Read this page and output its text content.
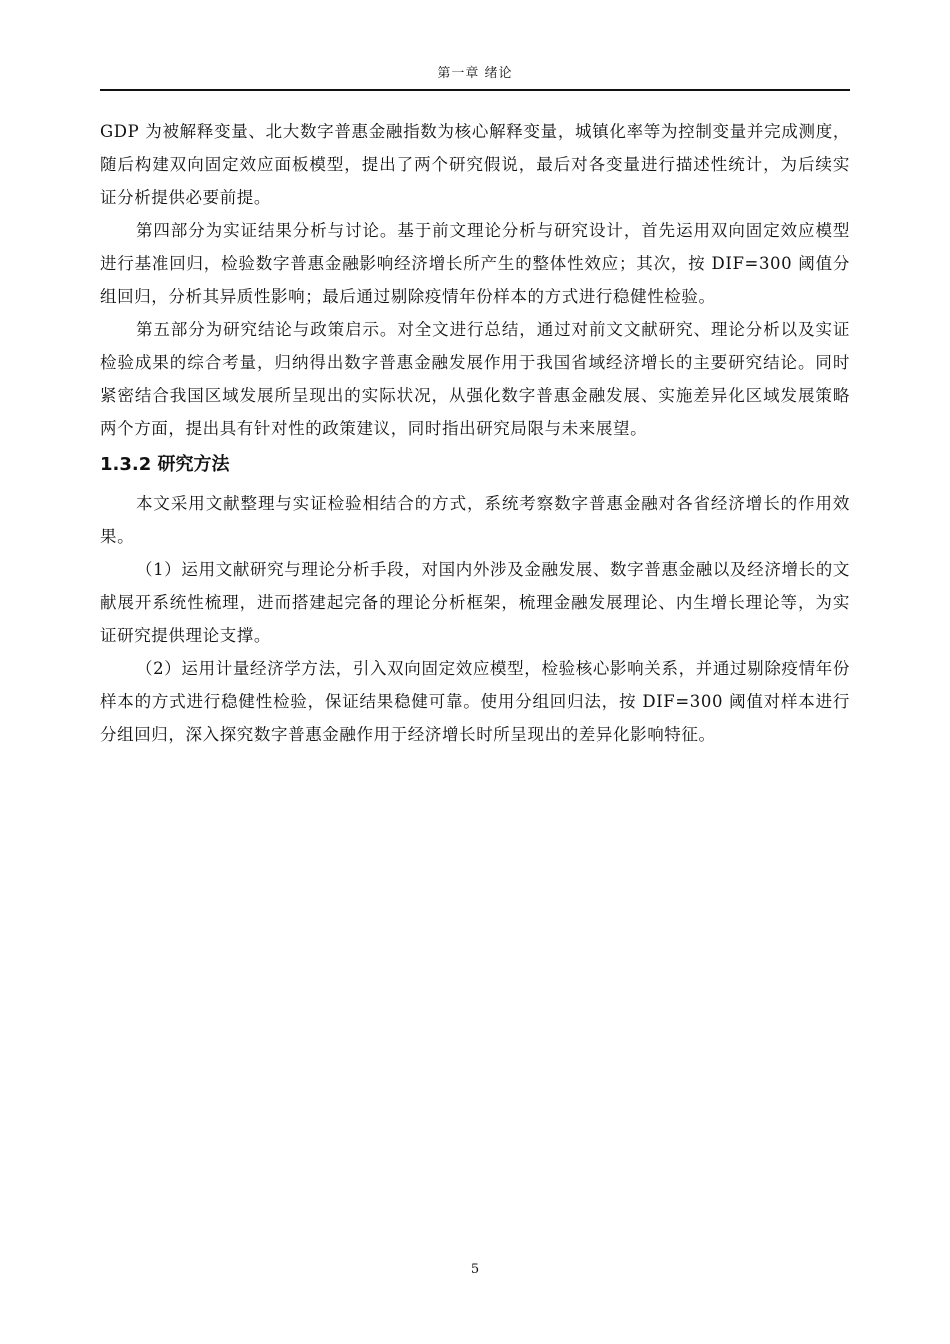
第一章 绪论

GDP 为被解释变量、北大数字普惠金融指数为核心解释变量，城镇化率等为控制变量并完成测度，随后构建双向固定效应面板模型，提出了两个研究假说，最后对各变量进行描述性统计，为后续实证分析提供必要前提。

第四部分为实证结果分析与讨论。基于前文理论分析与研究设计，首先运用双向固定效应模型进行基准回归，检验数字普惠金融影响经济增长所产生的整体性效应；其次，按 DIF=300 阈值分组回归，分析其异质性影响；最后通过剔除疫情年份样本的方式进行稳健性检验。

第五部分为研究结论与政策启示。对全文进行总结，通过对前文文献研究、理论分析以及实证检验成果的综合考量，归纳得出数字普惠金融发展作用于我国省域经济增长的主要研究结论。同时紧密结合我国区域发展所呈现出的实际状况，从强化数字普惠金融发展、实施差异化区域发展策略两个方面，提出具有针对性的政策建议，同时指出研究局限与未来展望。

1.3.2 研究方法

本文采用文献整理与实证检验相结合的方式，系统考察数字普惠金融对各省经济增长的作用效果。

（1）运用文献研究与理论分析手段，对国内外涉及金融发展、数字普惠金融以及经济增长的文献展开系统性梳理，进而搭建起完备的理论分析框架，梳理金融发展理论、内生增长理论等，为实证研究提供理论支撑。

（2）运用计量经济学方法，引入双向固定效应模型，检验核心影响关系，并通过剔除疫情年份样本的方式进行稳健性检验，保证结果稳健可靠。使用分组回归法，按 DIF=300 阈值对样本进行分组回归，深入探究数字普惠金融作用于经济增长时所呈现出的差异化影响特征。

5
